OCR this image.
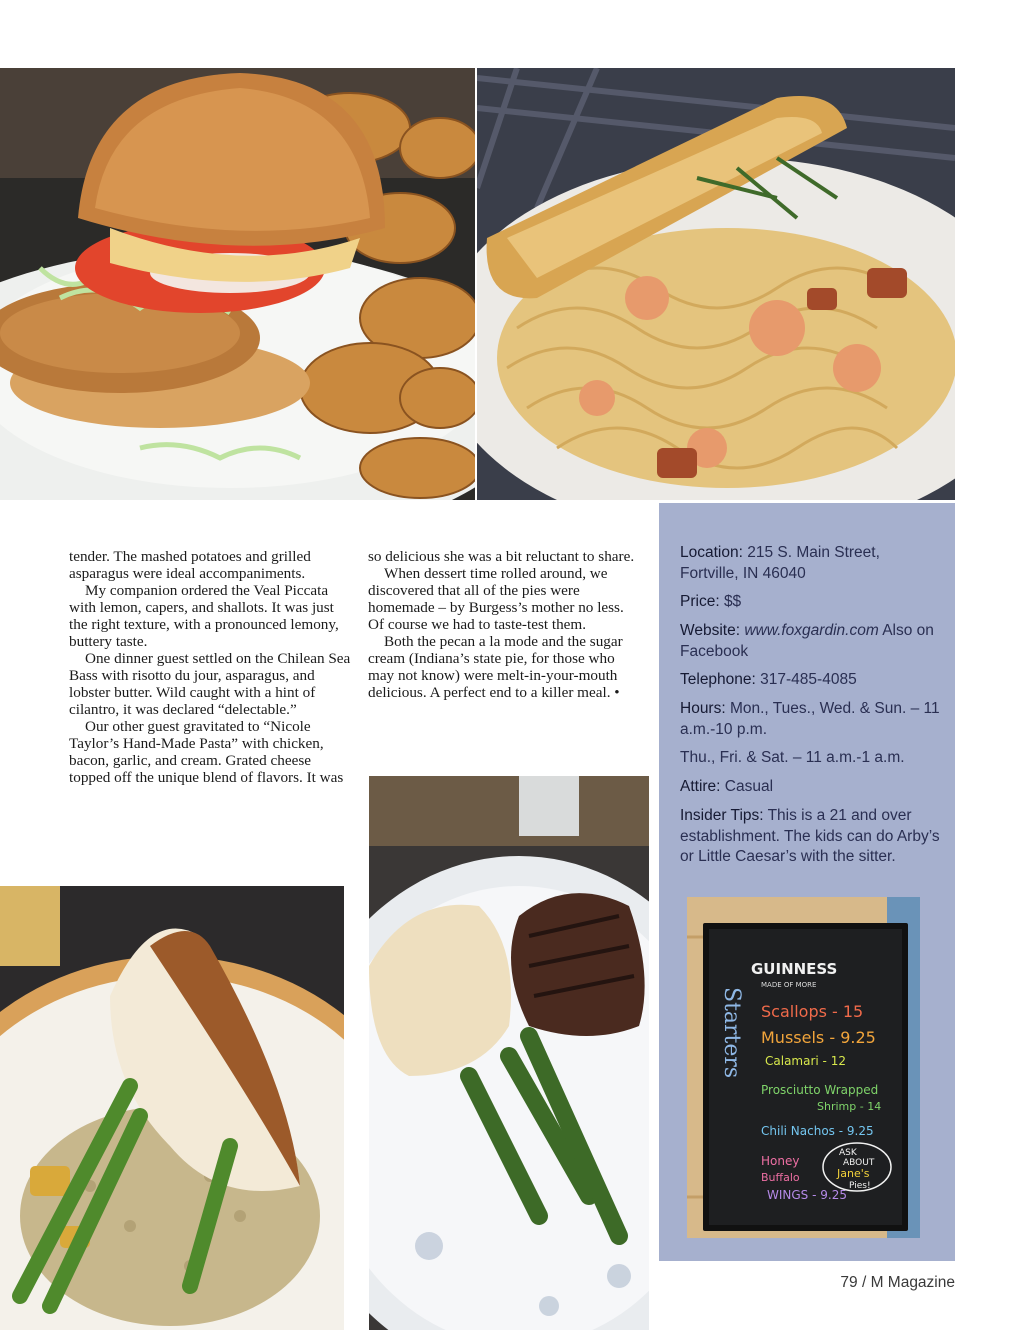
tender. The mashed potatoes and grilled asparagus were ideal accompaniments.

My companion ordered the Veal Piccata with lemon, capers, and shallots. It was just the right texture, with a pronounced lemony, buttery taste.

One dinner guest settled on the Chilean Sea Bass with risotto du jour, asparagus, and lobster butter. Wild caught with a hint of cilantro, it was declared “delectable.”

Our other guest gravitated to “Nicole Taylor’s Hand-Made Pasta” with chicken, bacon, garlic, and cream. Grated cheese topped off the unique blend of flavors. It was

so delicious she was a bit reluctant to share.

When dessert time rolled around, we discovered that all of the pies were homemade – by Burgess’s mother no less. Of course we had to taste-test them.

Both the pecan a la mode and the sugar cream (Indiana’s state pie, for those who may not know) were melt-in-your-mouth delicious. A perfect end to a killer meal. •

Location: 215 S. Main Street, Fortville, IN 46040
Price: $$
Website: www.foxgardin.com Also on Facebook
Telephone: 317-485-4085
Hours: Mon., Tues., Wed. & Sun. – 11 a.m.-10 p.m.
Thu., Fri. & Sat. – 11 a.m.-1 a.m.
Attire: Casual
Insider Tips: This is a 21 and over establishment. The kids can do Arby’s or Little Caesar’s with the sitter.
GUINNESS
MADE OF MORE
Starters Scallops - 15
Mussels - 9.25
Calamari - 12
Prosciutto Wrapped
Shrimp - 14
Chili Nachos - 9.25
Honey
Buffalo
WINGS - 9.25
ASK
ABOUT
Jane's
Pies!
79 / M Magazine
